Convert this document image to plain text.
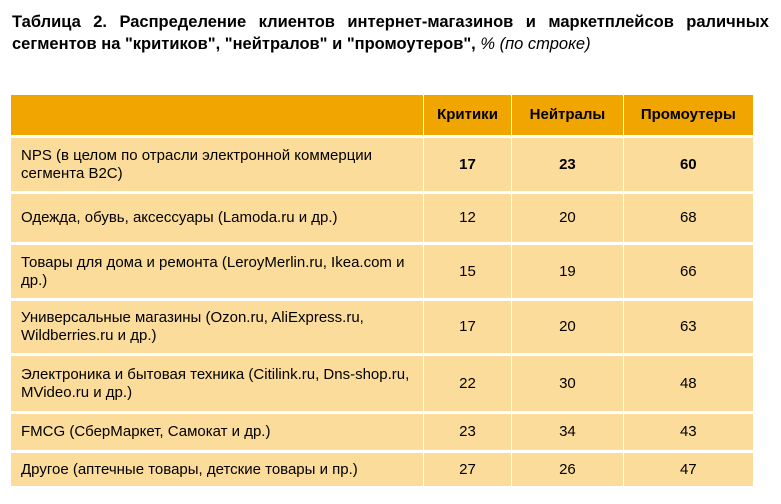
Таблица 2. Распределение клиентов интернет-магазинов и маркетплейсов раличных сегментов на "критиков", "нейтралов" и "промоутеров", % (по строке)
	Критики	Нейтралы	Промоутеры
NPS (в целом по отрасли электронной коммерции сегмента B2C)	17	23	60
Одежда, обувь, аксессуары (Lamoda.ru и др.)	12	20	68
Товары для дома и ремонта (LeroyMerlin.ru, Ikea.com и др.)	15	19	66
Универсальные магазины (Ozon.ru, AliExpress.ru, Wildberries.ru и др.)	17	20	63
Электроника и бытовая техника (Citilink.ru, Dns-shop.ru, MVideo.ru и др.)	22	30	48
FMCG (СберМаркет, Самокат и др.)	23	34	43
Другое (аптечные товары, детские товары и пр.)	27	26	47
